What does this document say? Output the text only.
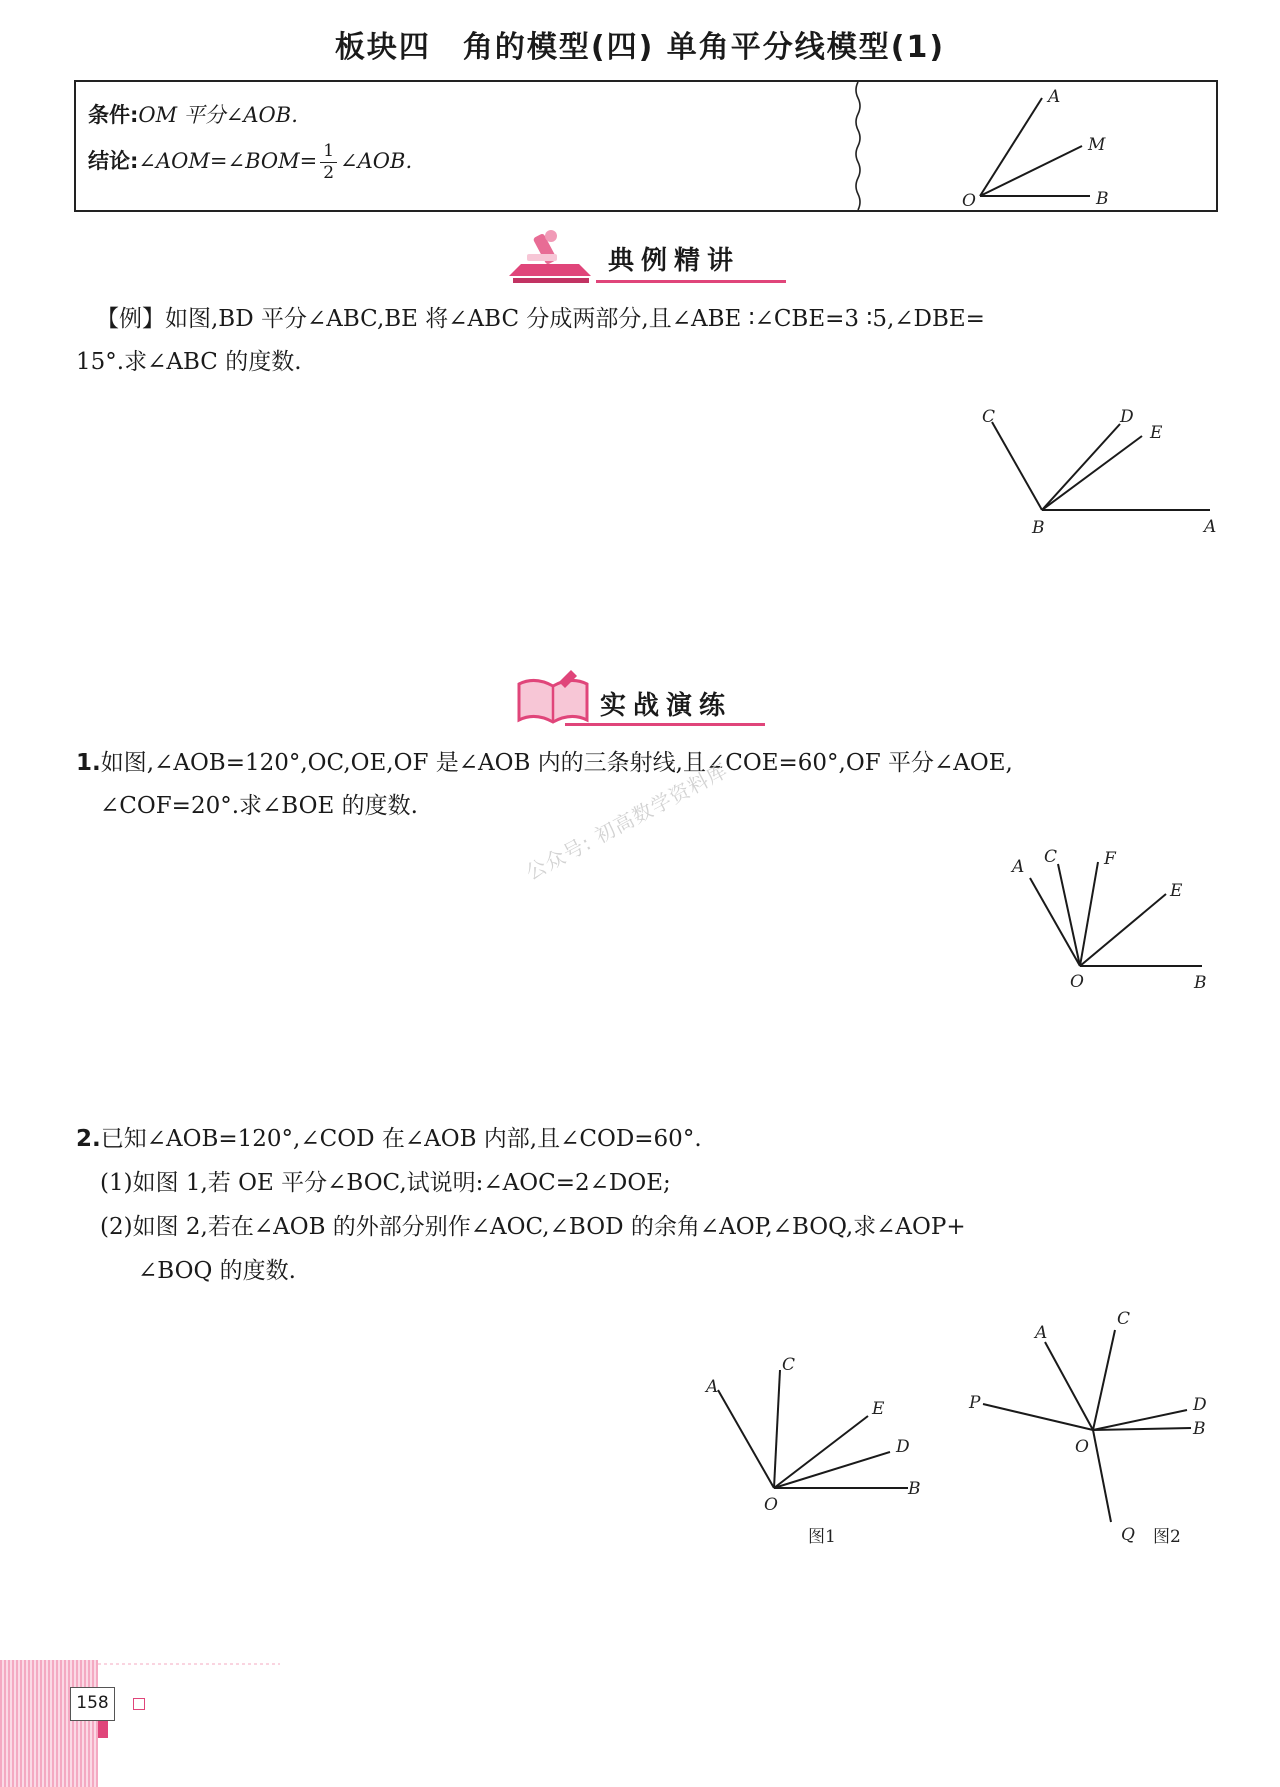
板块四　角的模型(四) 单角平分线模型(1)
条件:OM 平分∠AOB.
结论:∠AOM=∠BOM= $\frac{1}{2}$ ∠AOB.
A
M
O	B
典例精讲
【例】如图,BD 平分∠ABC,BE 将∠ABC 分成两部分,且∠ABE ∶∠CBE=3 ∶5,∠DBE=
15°.求∠ABC 的度数.
C	D
E
B	A
实战演练
1.如图,∠AOB=120°,OC,OE,OF 是∠AOB 内的三条射线,且∠COE=60°,OF 平分∠AOE,
∠COF=20°.求∠BOE 的度数.
A C	F
E
O	B
公众号: 初高数学资料库
2.已知∠AOB=120°,∠COD 在∠AOB 内部,且∠COD=60°.
(1)如图 1,若 OE 平分∠BOC,试说明:∠AOC=2∠DOE;
(2)如图 2,若在∠AOB 的外部分别作∠AOC,∠BOD 的余角∠AOP,∠BOQ,求∠AOP+
∠BOQ 的度数.
A
C
E
D
B
O
图1
A
C
P	D
B
O
Q 图2
158
